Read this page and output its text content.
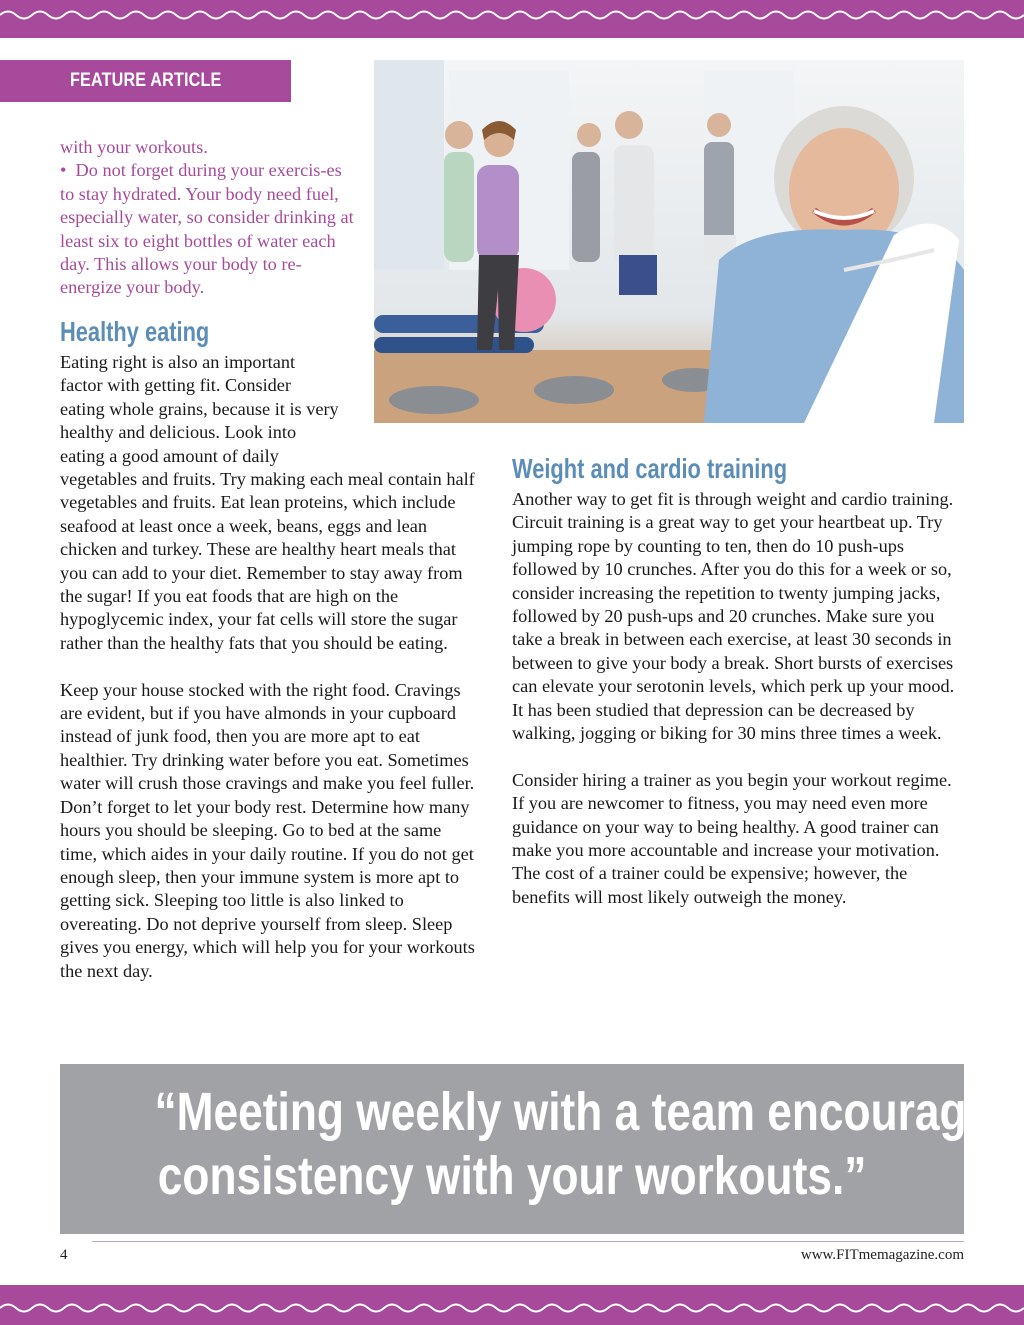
FEATURE ARTICLE

with your workouts.

• Do not forget during your exercis-es to stay hydrated. Your body need fuel, especially water, so consider drinking at least six to eight bottles of water each day. This allows your body to re-energize your body.

Healthy eating

Eating right is also an important factor with getting fit. Consider eating whole grains, because it is very healthy and delicious. Look into eating a good amount of daily

vegetables and fruits. Try making each meal contain half vegetables and fruits. Eat lean proteins, which include seafood at least once a week, beans, eggs and lean chicken and turkey. These are healthy heart meals that you can add to your diet. Remember to stay away from the sugar! If you eat foods that are high on the hypoglycemic index, your fat cells will store the sugar rather than the healthy fats that you should be eating.

Keep your house stocked with the right food. Cravings are evident, but if you have almonds in your cupboard instead of junk food, then you are more apt to eat healthier. Try drinking water before you eat. Sometimes water will crush those cravings and make you feel fuller. Don’t forget to let your body rest. Determine how many hours you should be sleeping. Go to bed at the same time, which aides in your daily routine. If you do not get enough sleep, then your immune system is more apt to getting sick. Sleeping too little is also linked to overeating. Do not deprive yourself from sleep. Sleep gives you energy, which will help you for your workouts the next day.

Weight and cardio training

Another way to get fit is through weight and cardio training. Circuit training is a great way to get your heartbeat up. Try jumping rope by counting to ten, then do 10 push-ups followed by 10 crunches. After you do this for a week or so, consider increasing the repetition to twenty jumping jacks, followed by 20 push-ups and 20 crunches. Make sure you take a break in between each exercise, at least 30 seconds in between to give your body a break. Short bursts of exercises can elevate your serotonin levels, which perk up your mood. It has been studied that depression can be decreased by walking, jogging or biking for 30 mins three times a week.

Consider hiring a trainer as you begin your workout regime. If you are newcomer to fitness, you may need even more guidance on your way to being healthy. A good trainer can make you more accountable and increase your motivation. The cost of a trainer could be expensive; however, the benefits will most likely outweigh the money.

“Meeting weekly with a team encourages
consistency with your workouts.”
4	www.FITmemagazine.com
